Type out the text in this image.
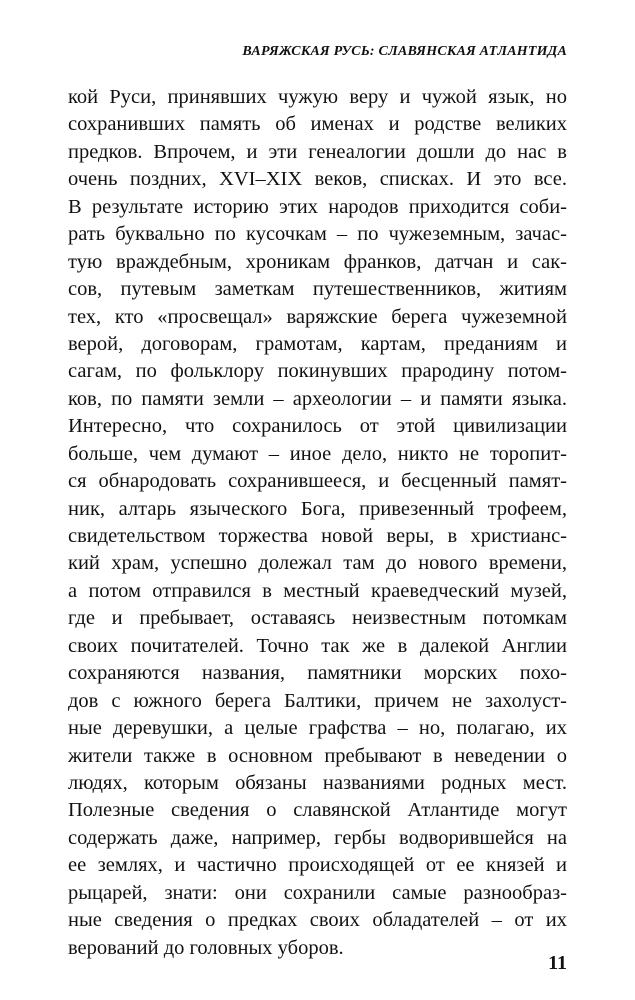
ВАРЯЖСКАЯ РУСЬ: СЛАВЯНСКАЯ АТЛАНТИДА
кой Руси, принявших чужую веру и чужой язык, но
сохранивших память об именах и родстве великих
предков. Впрочем, и эти генеалогии дошли до нас в
очень поздних, XVI–XIX веков, списках. И это все.
В результате историю этих народов приходится соби-
рать буквально по кусочкам – по чужеземным, зачас-
тую враждебным, хроникам франков, датчан и сак-
сов, путевым заметкам путешественников, житиям
тех, кто «просвещал» варяжские берега чужеземной
верой, договорам, грамотам, картам, преданиям и
сагам, по фольклору покинувших прародину потом-
ков, по памяти земли – археологии – и памяти языка.
Интересно, что сохранилось от этой цивилизации
больше, чем думают – иное дело, никто не торопит-
ся обнародовать сохранившееся, и бесценный памят-
ник, алтарь языческого Бога, привезенный трофеем,
свидетельством торжества новой веры, в христианс-
кий храм, успешно долежал там до нового времени,
а потом отправился в местный краеведческий музей,
где и пребывает, оставаясь неизвестным потомкам
своих почитателей. Точно так же в далекой Англии
сохраняются названия, памятники морских похо-
дов с южного берега Балтики, причем не захолуст-
ные деревушки, а целые графства – но, полагаю, их
жители также в основном пребывают в неведении о
людях, которым обязаны названиями родных мест.
Полезные сведения о славянской Атлантиде могут
содержать даже, например, гербы водворившейся на
ее землях, и частично происходящей от ее князей и
рыцарей, знати: они сохранили самые разнообраз-
ные сведения о предках своих обладателей – от их
верований до головных уборов.
11
